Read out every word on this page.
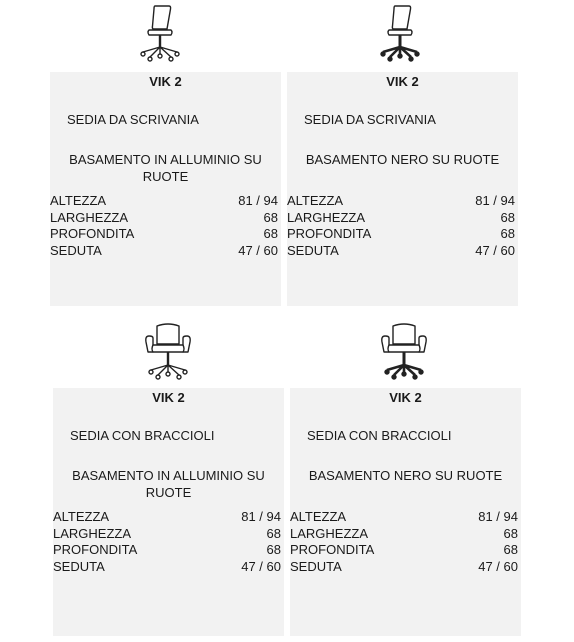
VIK 2
SEDIA DA SCRIVANIA
BASAMENTO IN ALLUMINIO SU RUOTE
ALTEZZA	81 / 94
LARGHEZZA	68
PROFONDITA	68
SEDUTA	47 / 60
VIK 2
SEDIA DA SCRIVANIA
BASAMENTO NERO SU RUOTE
ALTEZZA	81 / 94
LARGHEZZA	68
PROFONDITA	68
SEDUTA	47 / 60
VIK 2
SEDIA CON BRACCIOLI
BASAMENTO IN ALLUMINIO SU RUOTE
ALTEZZA	81 / 94
LARGHEZZA	68
PROFONDITA	68
SEDUTA	47 / 60
VIK 2
SEDIA CON BRACCIOLI
BASAMENTO NERO SU RUOTE
ALTEZZA	81 / 94
LARGHEZZA	68
PROFONDITA	68
SEDUTA	47 / 60
